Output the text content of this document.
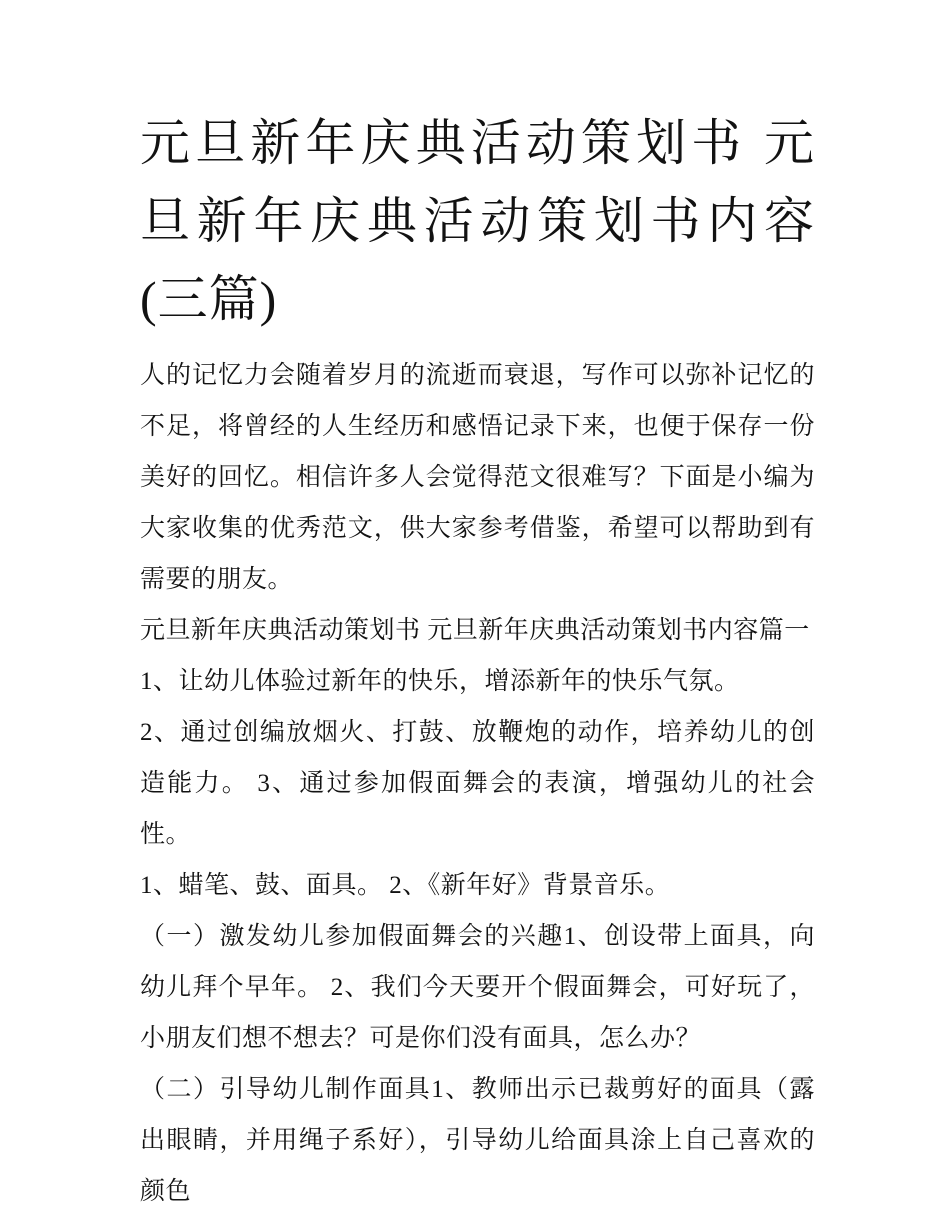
元旦新年庆典活动策划书 元旦新年庆典活动策划书内容(三篇)

人的记忆力会随着岁月的流逝而衰退，写作可以弥补记忆的不足，将曾经的人生经历和感悟记录下来，也便于保存一份美好的回忆。相信许多人会觉得范文很难写？下面是小编为大家收集的优秀范文，供大家参考借鉴，希望可以帮助到有需要的朋友。

元旦新年庆典活动策划书 元旦新年庆典活动策划书内容篇一

1、让幼儿体验过新年的快乐，增添新年的快乐气氛。

2、通过创编放烟火、打鼓、放鞭炮的动作，培养幼儿的创造能力。 3、通过参加假面舞会的表演，增强幼儿的社会性。

1、蜡笔、鼓、面具。 2、《新年好》背景音乐。

（一）激发幼儿参加假面舞会的兴趣1、创设带上面具，向幼儿拜个早年。 2、我们今天要开个假面舞会，可好玩了，小朋友们想不想去？可是你们没有面具，怎么办？

（二）引导幼儿制作面具1、教师出示已裁剪好的面具（露出眼睛，并用绳子系好），引导幼儿给面具涂上自己喜欢的颜色
